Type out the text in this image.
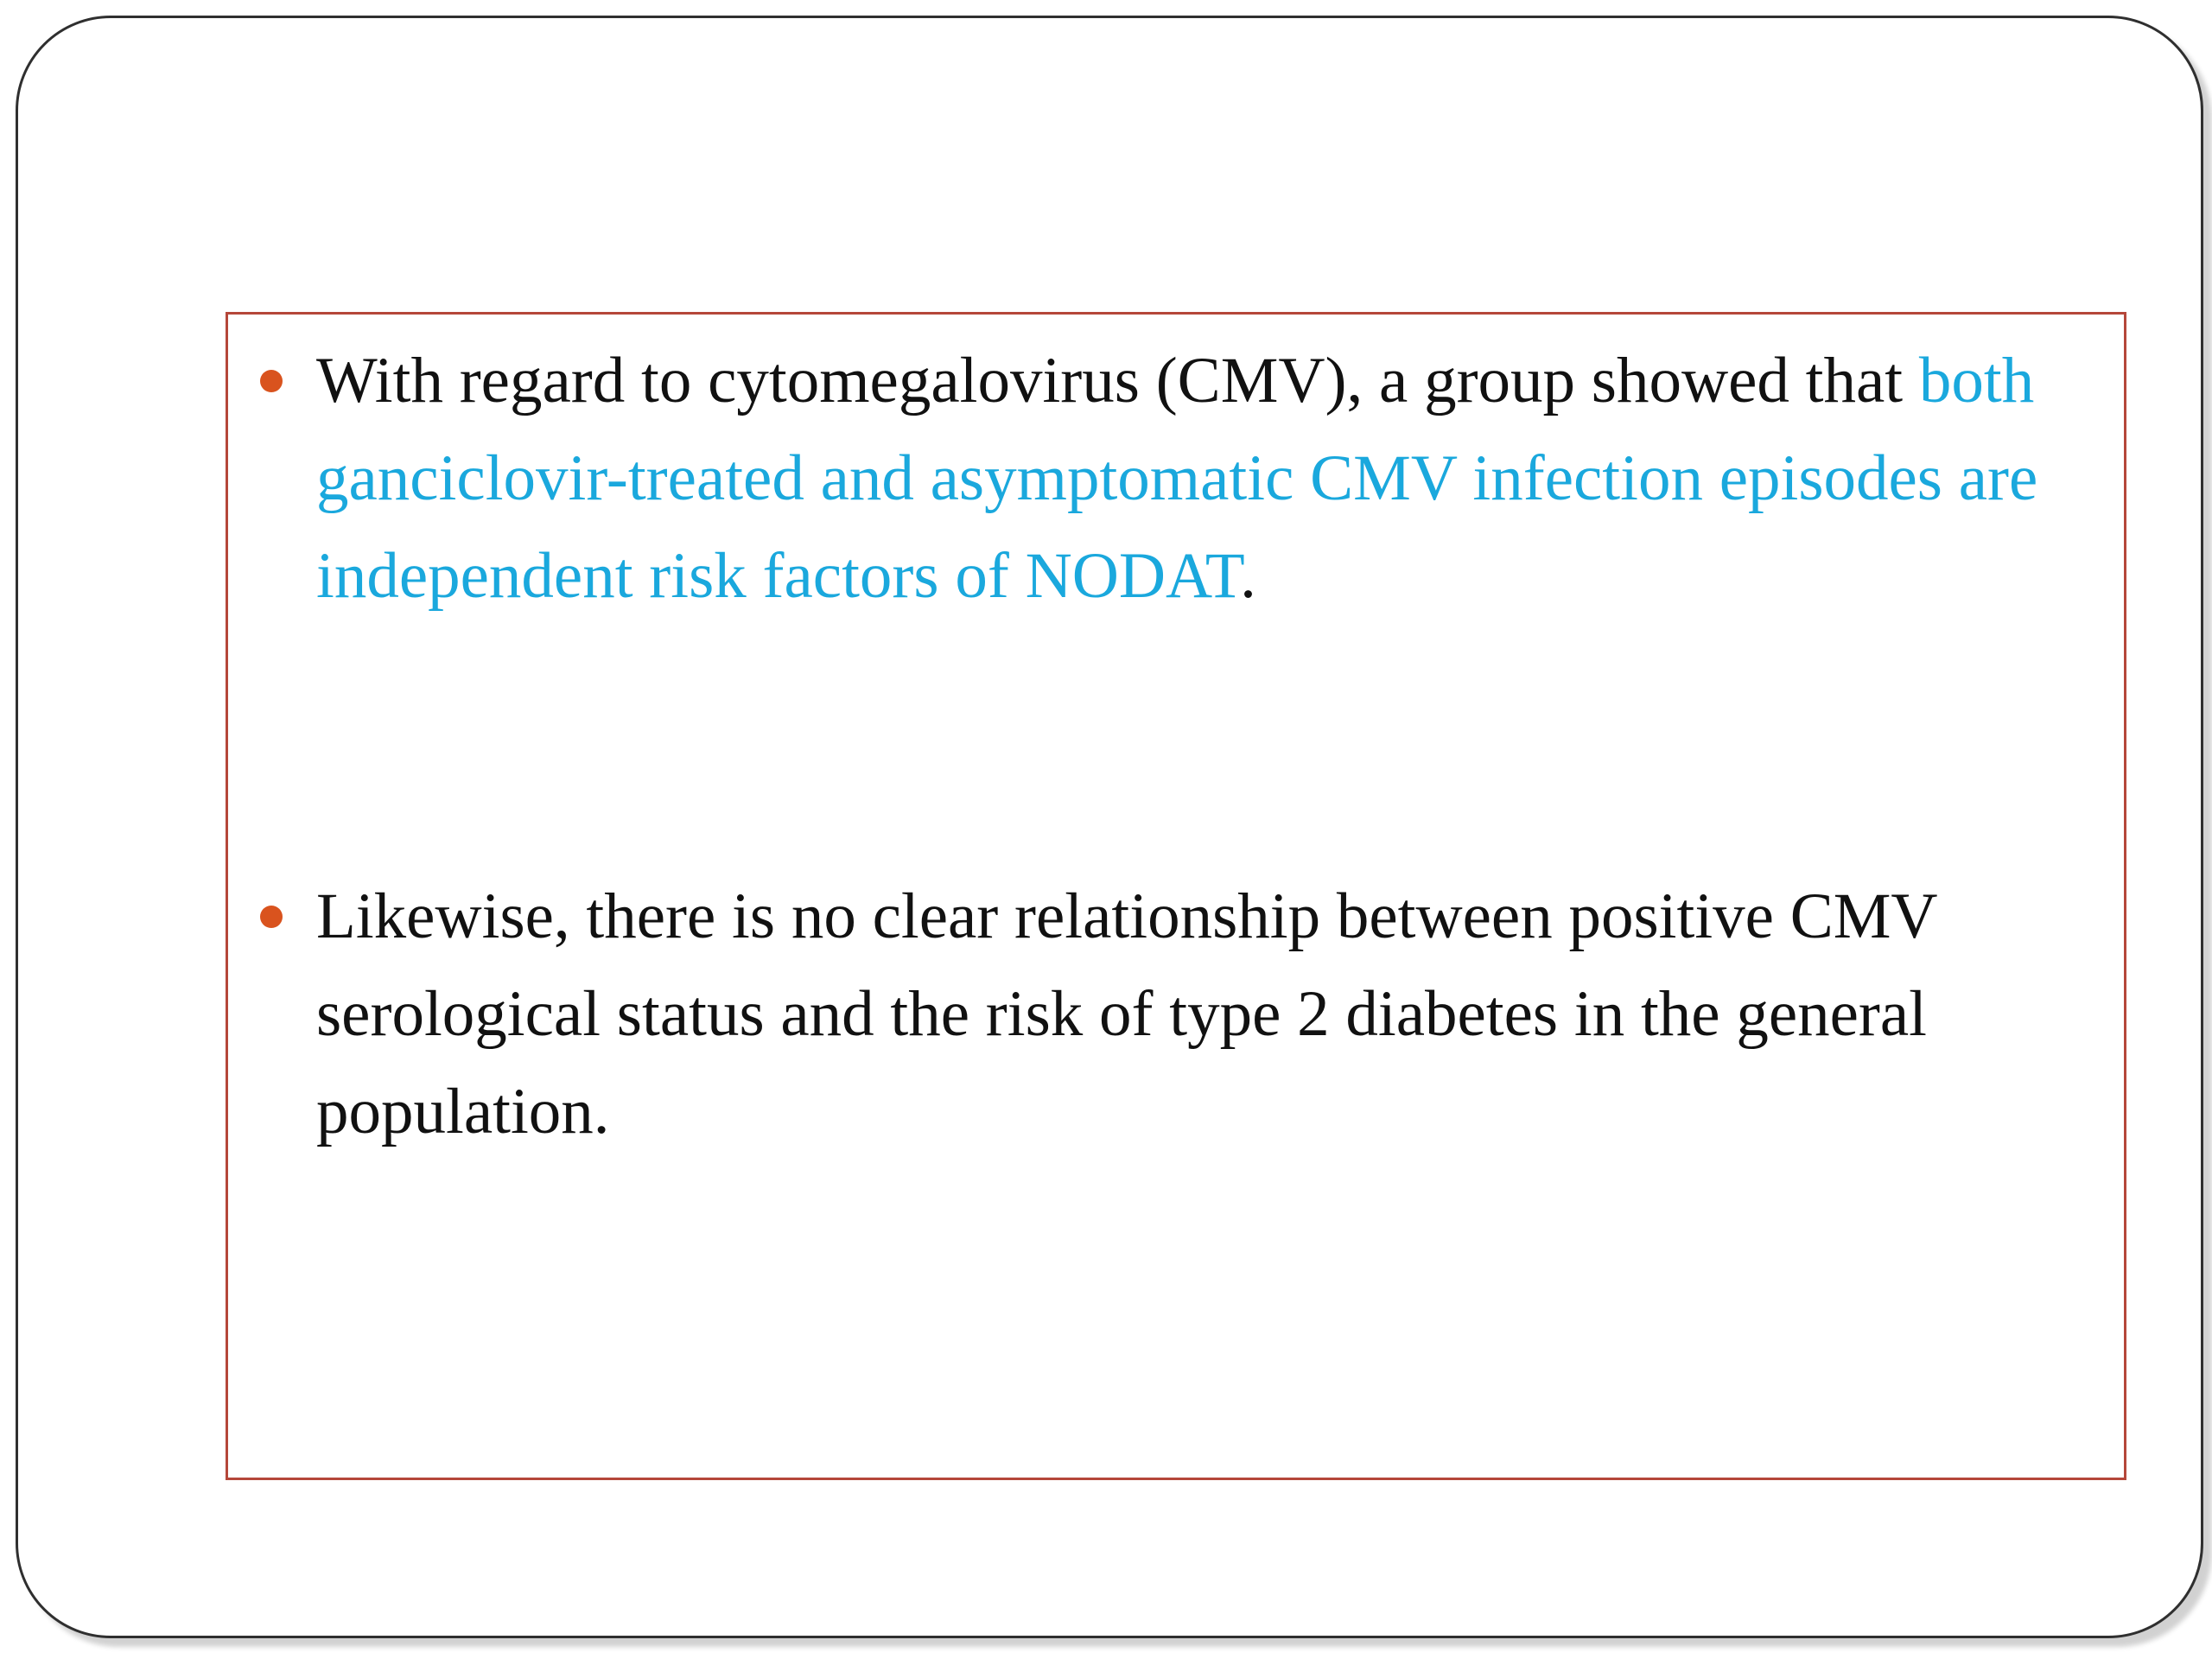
With regard to cytomegalovirus (CMV), a group showed that both ganciclovir-treated and asymptomatic CMV infection episodes are independent risk factors of NODAT.

Likewise, there is no clear relationship between positive CMV serological status and the risk of type 2 diabetes in the general population.
